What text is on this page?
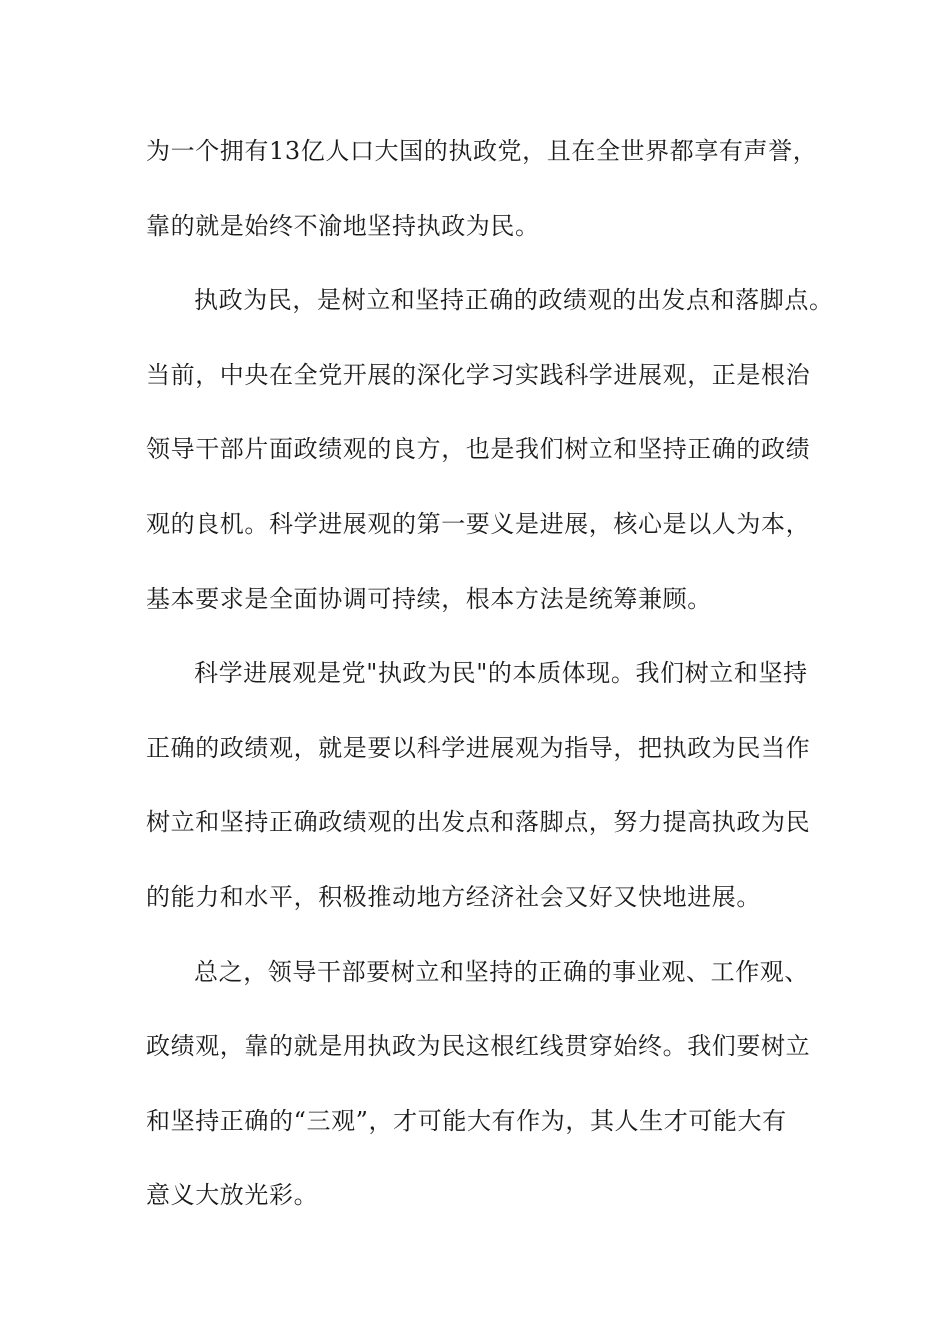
为一个拥有13亿人口大国的执政党，且在全世界都享有声誉，
靠的就是始终不渝地坚持执政为民。
执政为民，是树立和坚持正确的政绩观的出发点和落脚点。
当前，中央在全党开展的深化学习实践科学进展观，正是根治
领导干部片面政绩观的良方，也是我们树立和坚持正确的政绩
观的良机。科学进展观的第一要义是进展，核心是以人为本，
基本要求是全面协调可持续，根本方法是统筹兼顾。
科学进展观是党"执政为民"的本质体现。我们树立和坚持
正确的政绩观，就是要以科学进展观为指导，把执政为民当作
树立和坚持正确政绩观的出发点和落脚点，努力提高执政为民
的能力和水平，积极推动地方经济社会又好又快地进展。
总之，领导干部要树立和坚持的正确的事业观、工作观、
政绩观，靠的就是用执政为民这根红线贯穿始终。我们要树立
和坚持正确的“三观”，才可能大有作为，其人生才可能大有
意义大放光彩。
